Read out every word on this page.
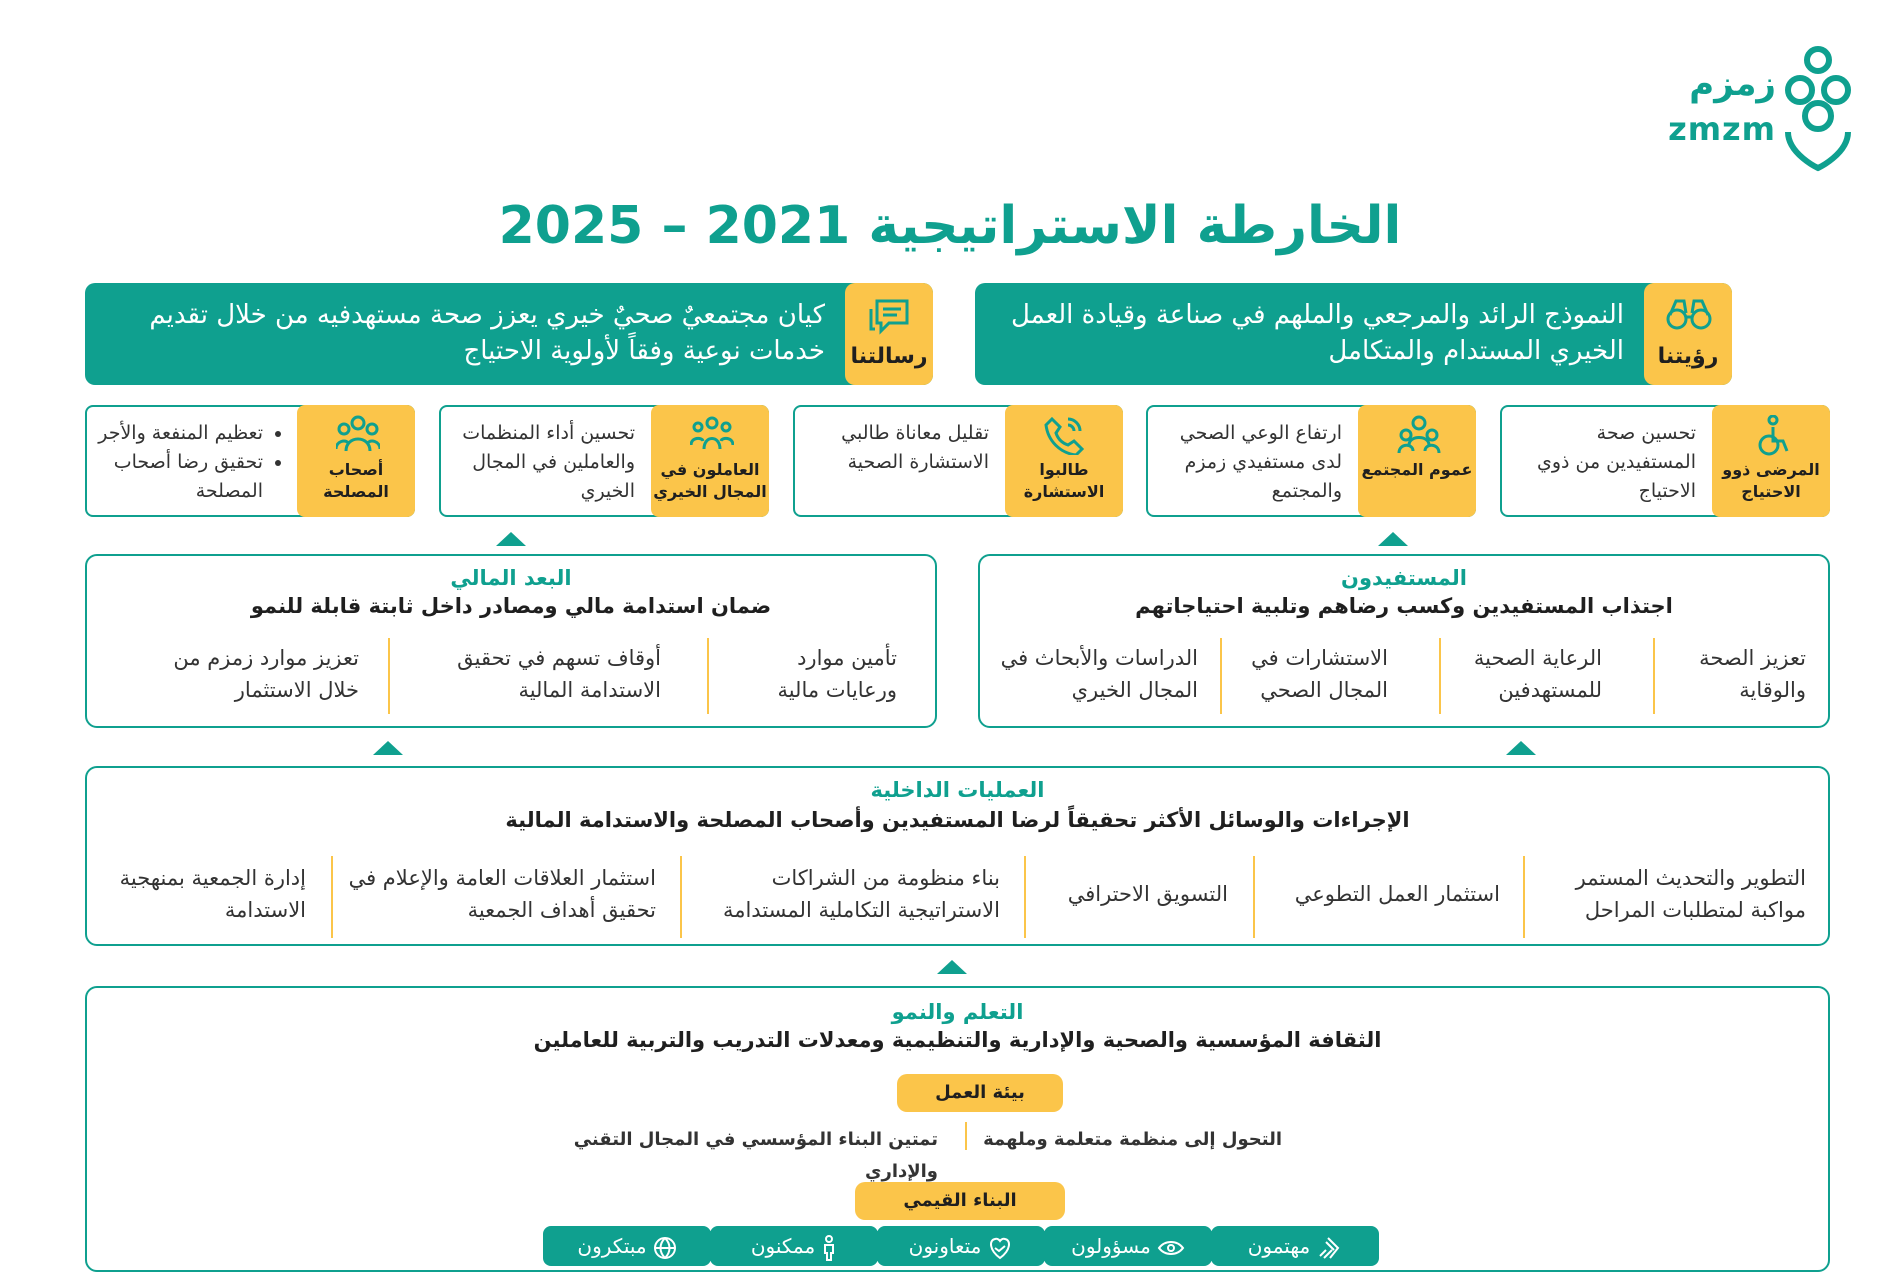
زمزم
zmzm
الخارطة الاستراتيجية 2021 – 2025
رؤيتنا
النموذج الرائد والمرجعي والملهم في صناعة وقيادة العمل الخيري المستدام والمتكامل
رسالتنا
كيان مجتمعيٌ صحيٌ خيري يعزز صحة مستهدفيه من خلال تقديم خدمات نوعية وفقاً لأولوية الاحتياج
المرضى ذوو الاحتياج
تحسين صحة المستفيدين من ذوي الاحتياج
عموم المجتمع
ارتفاع الوعي الصحي لدى مستفيدي زمزم والمجتمع
طالبوا الاستشارة
تقليل معاناة طالبي الاستشارة الصحية
العاملون في المجال الخيري
تحسين أداء المنظمات والعاملين في المجال الخيري
أصحاب المصلحة
• تعظيم المنفعة والأجر
• تحقيق رضا أصحاب المصلحة
المستفيدون
اجتذاب المستفيدين وكسب رضاهم وتلبية احتياجاتهم
تعزيز الصحة والوقاية
الرعاية الصحية للمستهدفين
الاستشارات في المجال الصحي
الدراسات والأبحاث في المجال الخيري
البعد المالي
ضمان استدامة مالي ومصادر داخل ثابتة قابلة للنمو
تأمين موارد ورعايات مالية
أوقاف تسهم في تحقيق الاستدامة المالية
تعزيز موارد زمزم من خلال الاستثمار
العمليات الداخلية
الإجراءات والوسائل الأكثر تحقيقاً لرضا المستفيدين وأصحاب المصلحة والاستدامة المالية
التطوير والتحديث المستمر مواكبة لمتطلبات المراحل
استثمار العمل التطوعي
التسويق الاحترافي
بناء منظومة من الشراكات الاستراتيجية التكاملية المستدامة
استثمار العلاقات العامة والإعلام في تحقيق أهداف الجمعية
إدارة الجمعية بمنهجية الاستدامة
التعلم والنمو
الثقافة المؤسسية والصحية والإدارية والتنظيمية ومعدلات التدريب والتربية للعاملين
بيئة العمل
التحول إلى منظمة متعلمة وملهمة
تمتين البناء المؤسسي في المجال التقني والإداري
البناء القيمي
مهتمون
مسؤولون
متعاونون
ممكنون
مبتكرون
